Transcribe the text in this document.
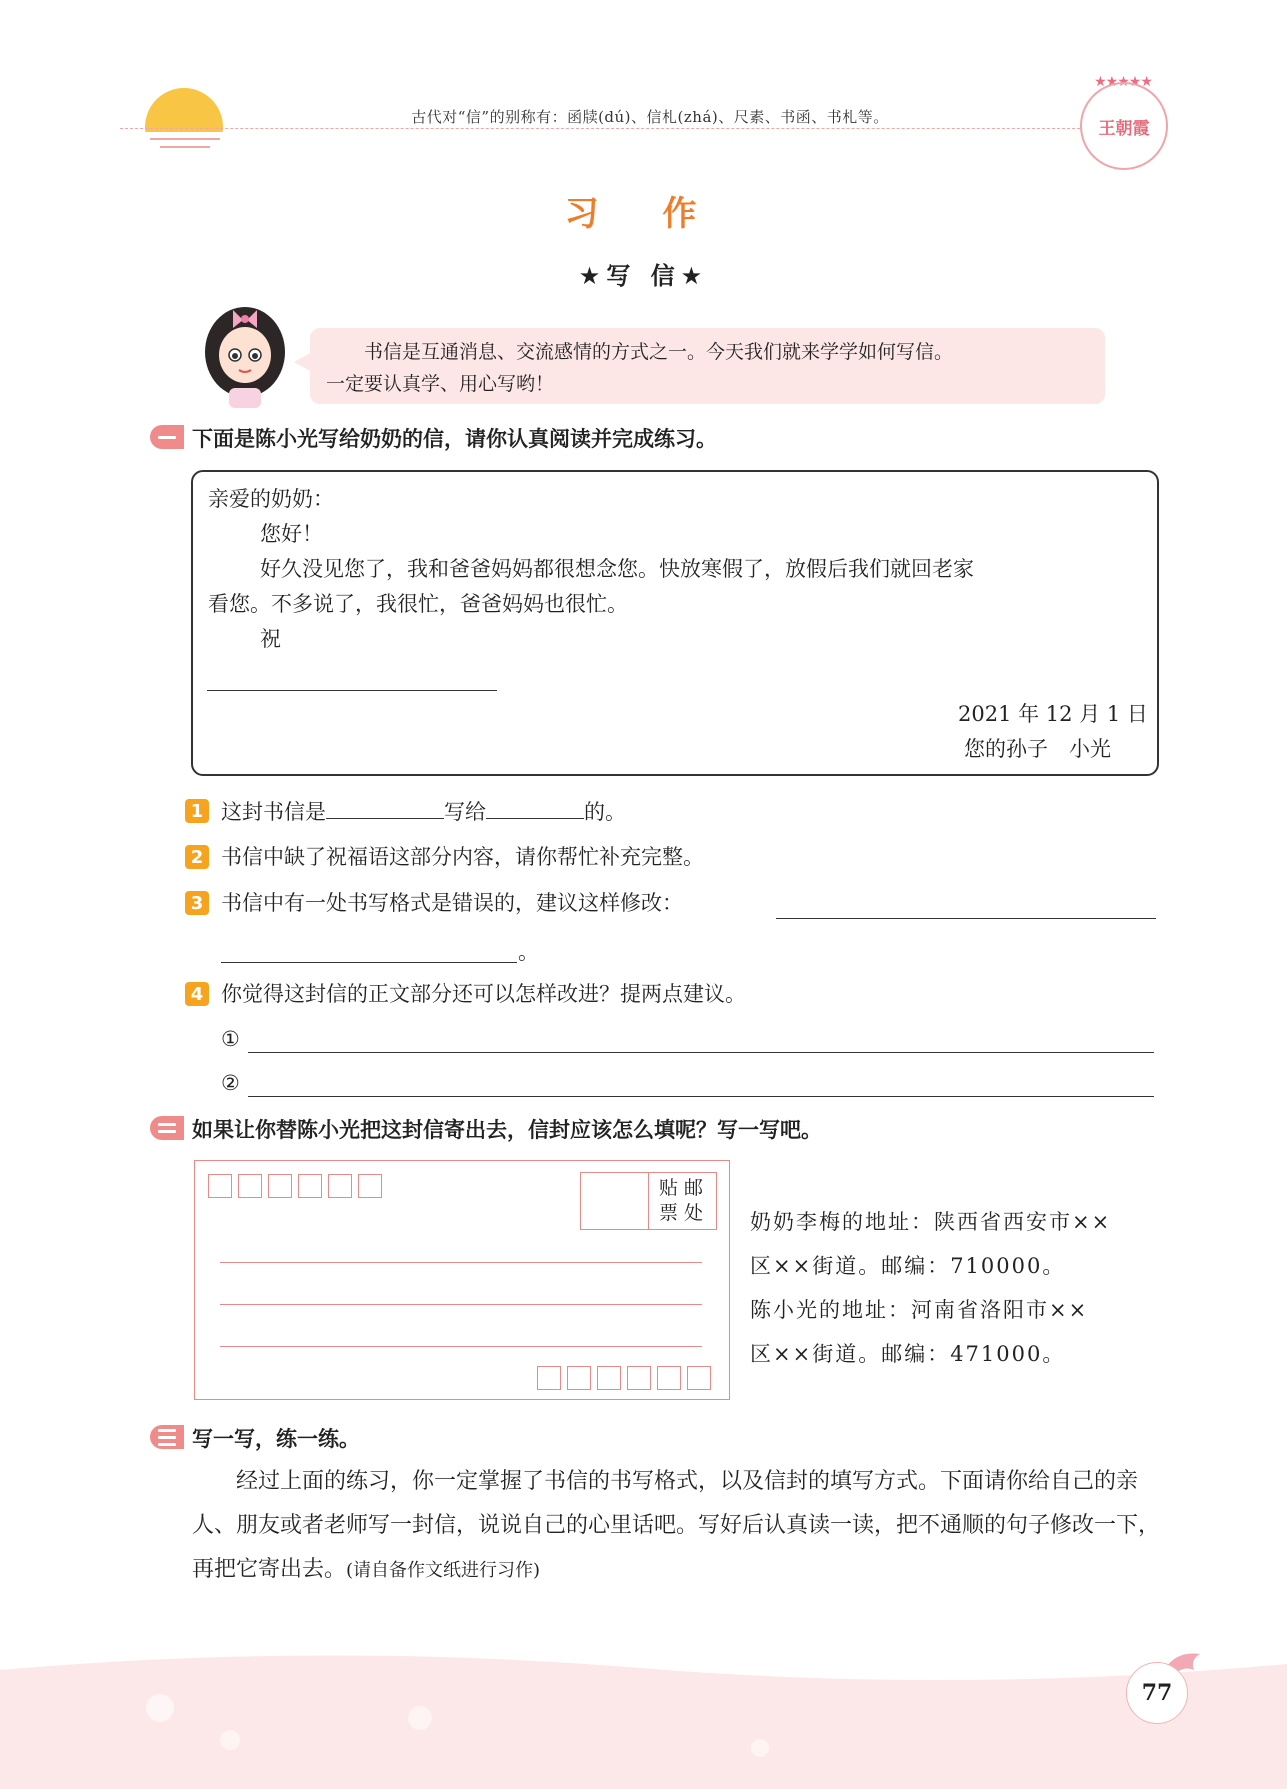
古代对“信”的别称有：函牍(dú)、信札(zhá)、尺素、书函、书札等。
★★★★★
王朝霞
习 作
★写 信★

书信是互通消息、交流感情的方式之一。今天我们就来学学如何写信。

一定要认真学、用心写哟！

下面是陈小光写给奶奶的信，请你认真阅读并完成练习。
亲爱的奶奶：
您好！
好久没见您了，我和爸爸妈妈都很想念您。快放寒假了，放假后我们就回老家
看您。不多说了，我很忙，爸爸妈妈也很忙。
祝
2021 年 12 月 1 日
您的孙子　小光
1 这封书信是	写给	的。
2 书信中缺了祝福语这部分内容，请你帮忙补充完整。
3 书信中有一处书写格式是错误的，建议这样修改：
。
4 你觉得这封信的正文部分还可以怎样改进？提两点建议。
①
②
如果让你替陈小光把这封信寄出去，信封应该怎么填呢？写一写吧。
贴邮票处 奶奶李梅的地址：陕西省西安市××

区××街道。邮编：710000。

陈小光的地址：河南省洛阳市××

区××街道。邮编：471000。

写一写，练一练。
经过上面的练习，你一定掌握了书信的书写格式，以及信封的填写方式。下面请你给自己的亲人、朋友或者老师写一封信，说说自己的心里话吧。写好后认真读一读，把不通顺的句子修改一下，再把它寄出去。(请自备作文纸进行习作)
77
